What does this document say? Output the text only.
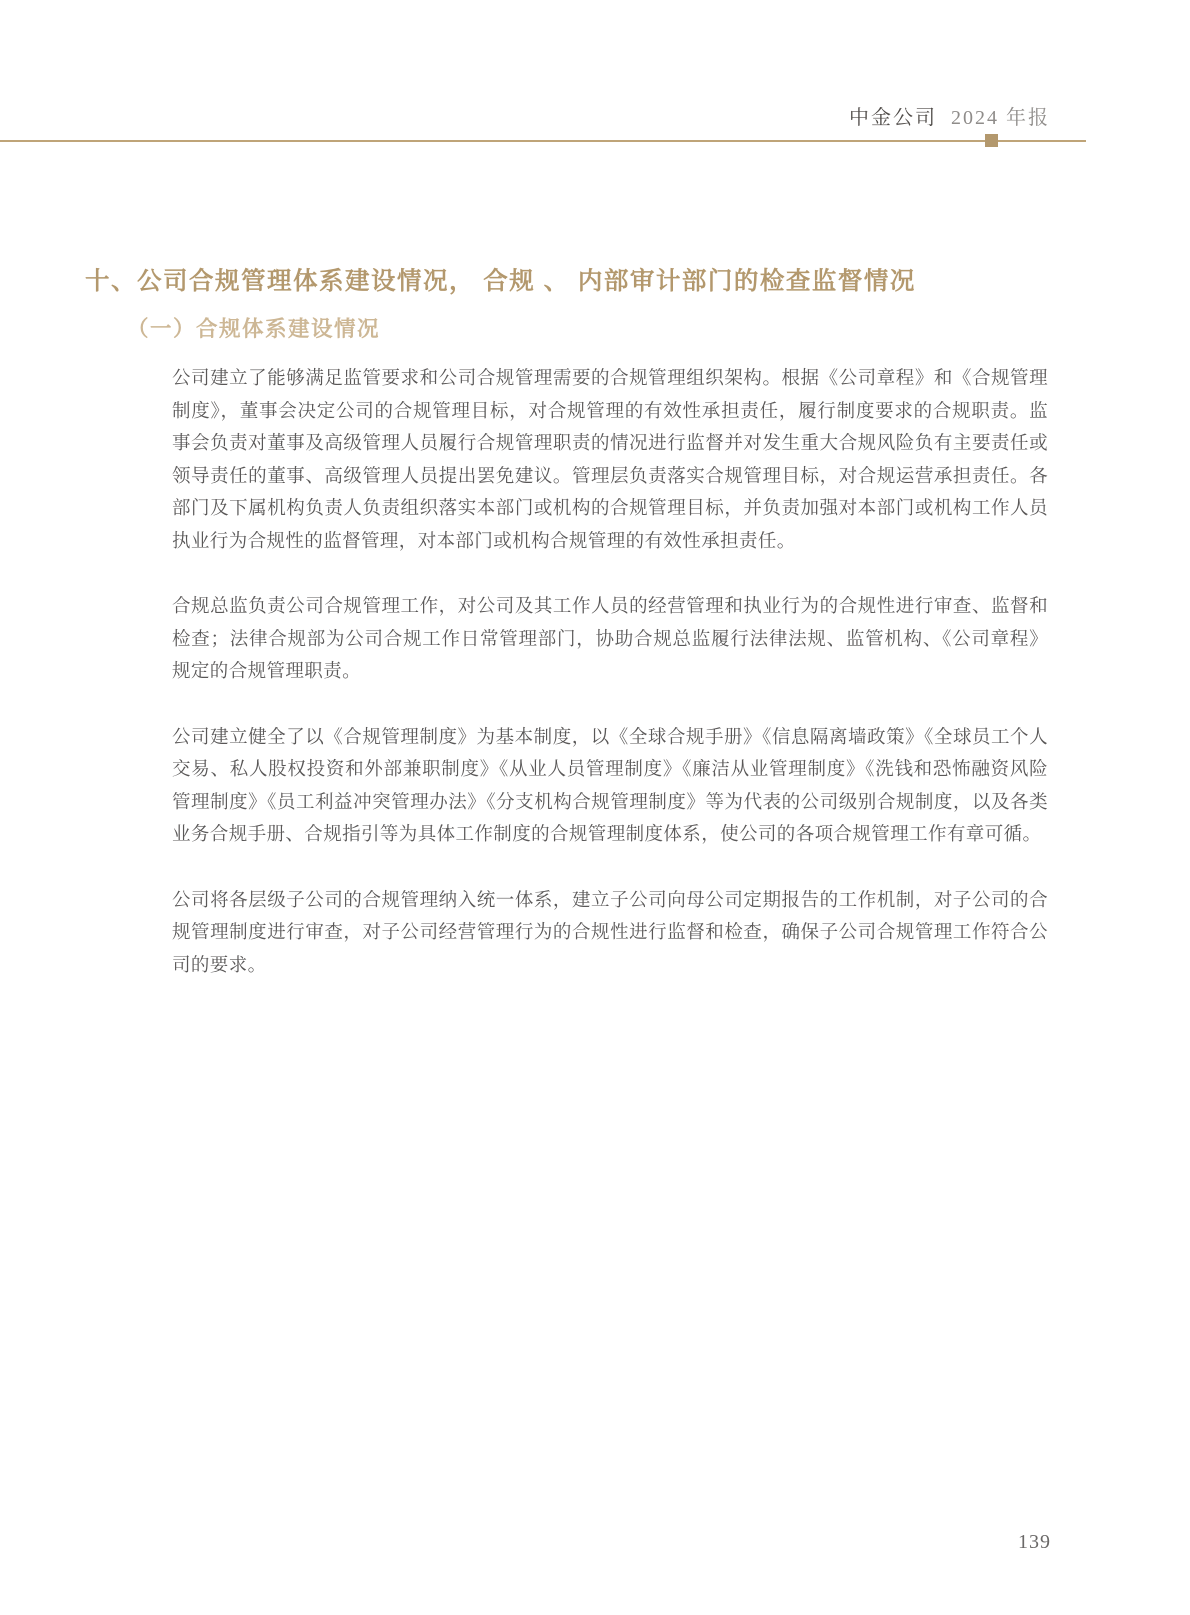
中金公司 2024 年报
十、公司合规管理体系建设情况， 合规 、 内部审计部门的检查监督情况
（一）合规体系建设情况

公司建立了能够满足监管要求和公司合规管理需要的合规管理组织架构。根据《公司章程》和《合规管理制度》，董事会决定公司的合规管理目标，对合规管理的有效性承担责任，履行制度要求的合规职责。监事会负责对董事及高级管理人员履行合规管理职责的情况进行监督并对发生重大合规风险负有主要责任或领导责任的董事、高级管理人员提出罢免建议。管理层负责落实合规管理目标，对合规运营承担责任。各部门及下属机构负责人负责组织落实本部门或机构的合规管理目标，并负责加强对本部门或机构工作人员执业行为合规性的监督管理，对本部门或机构合规管理的有效性承担责任。

合规总监负责公司合规管理工作，对公司及其工作人员的经营管理和执业行为的合规性进行审查、监督和检查；法律合规部为公司合规工作日常管理部门，协助合规总监履行法律法规、监管机构、《公司章程》规定的合规管理职责。

公司建立健全了以《合规管理制度》为基本制度，以《全球合规手册》《信息隔离墙政策》《全球员工个人交易、私人股权投资和外部兼职制度》《从业人员管理制度》《廉洁从业管理制度》《洗钱和恐怖融资风险管理制度》《员工利益冲突管理办法》《分支机构合规管理制度》等为代表的公司级别合规制度，以及各类业务合规手册、合规指引等为具体工作制度的合规管理制度体系，使公司的各项合规管理工作有章可循。

公司将各层级子公司的合规管理纳入统一体系，建立子公司向母公司定期报告的工作机制，对子公司的合规管理制度进行审查，对子公司经营管理行为的合规性进行监督和检查，确保子公司合规管理工作符合公司的要求。

139
